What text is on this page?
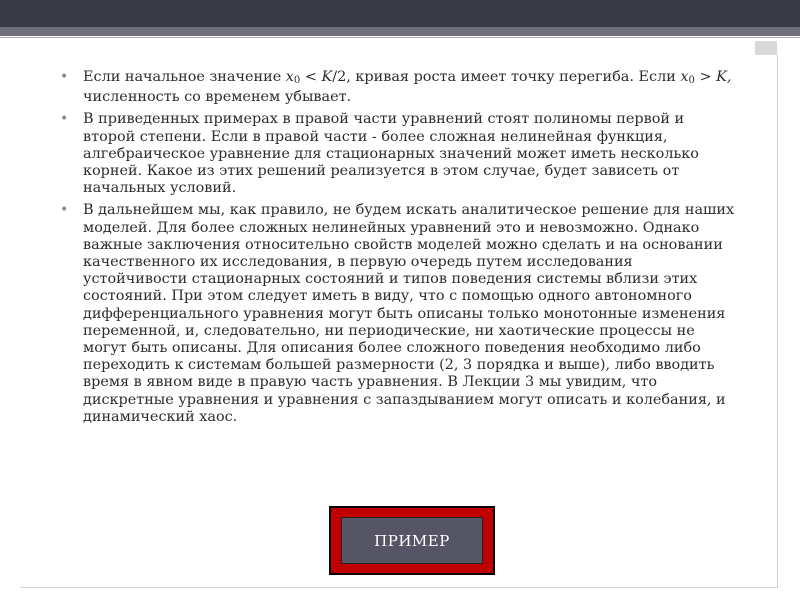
• Если начальное значение $x_0 < K/2$, кривая роста имеет точку перегиба. Если $x_0 > K$, численность со временем убывает.
• В приведенных примерах в правой части уравнений стоят полиномы первой и второй степени. Если в правой части - более сложная нелинейная функция, алгебраическое уравнение для стационарных значений может иметь несколько корней. Какое из этих решений реализуется в этом случае, будет зависеть от начальных условий.
• В дальнейшем мы, как правило, не будем искать аналитическое решение для наших моделей. Для более сложных нелинейных уравнений это и невозможно. Однако важные заключения относительно свойств моделей можно сделать и на основании качественного их исследования, в первую очередь путем исследования устойчивости стационарных состояний и типов поведения системы вблизи этих состояний. При этом следует иметь в виду, что с помощью одного автономного дифференциального уравнения могут быть описаны только монотонные изменения переменной, и, следовательно, ни периодические, ни хаотические процессы не могут быть описаны. Для описания более сложного поведения необходимо либо переходить к системам большей размерности (2, 3 порядка и выше), либо вводить время в явном виде в правую часть уравнения. В Лекции 3 мы увидим, что дискретные уравнения и уравнения с запаздыванием могут описать и колебания, и динамический хаос.
ПРИМЕР
